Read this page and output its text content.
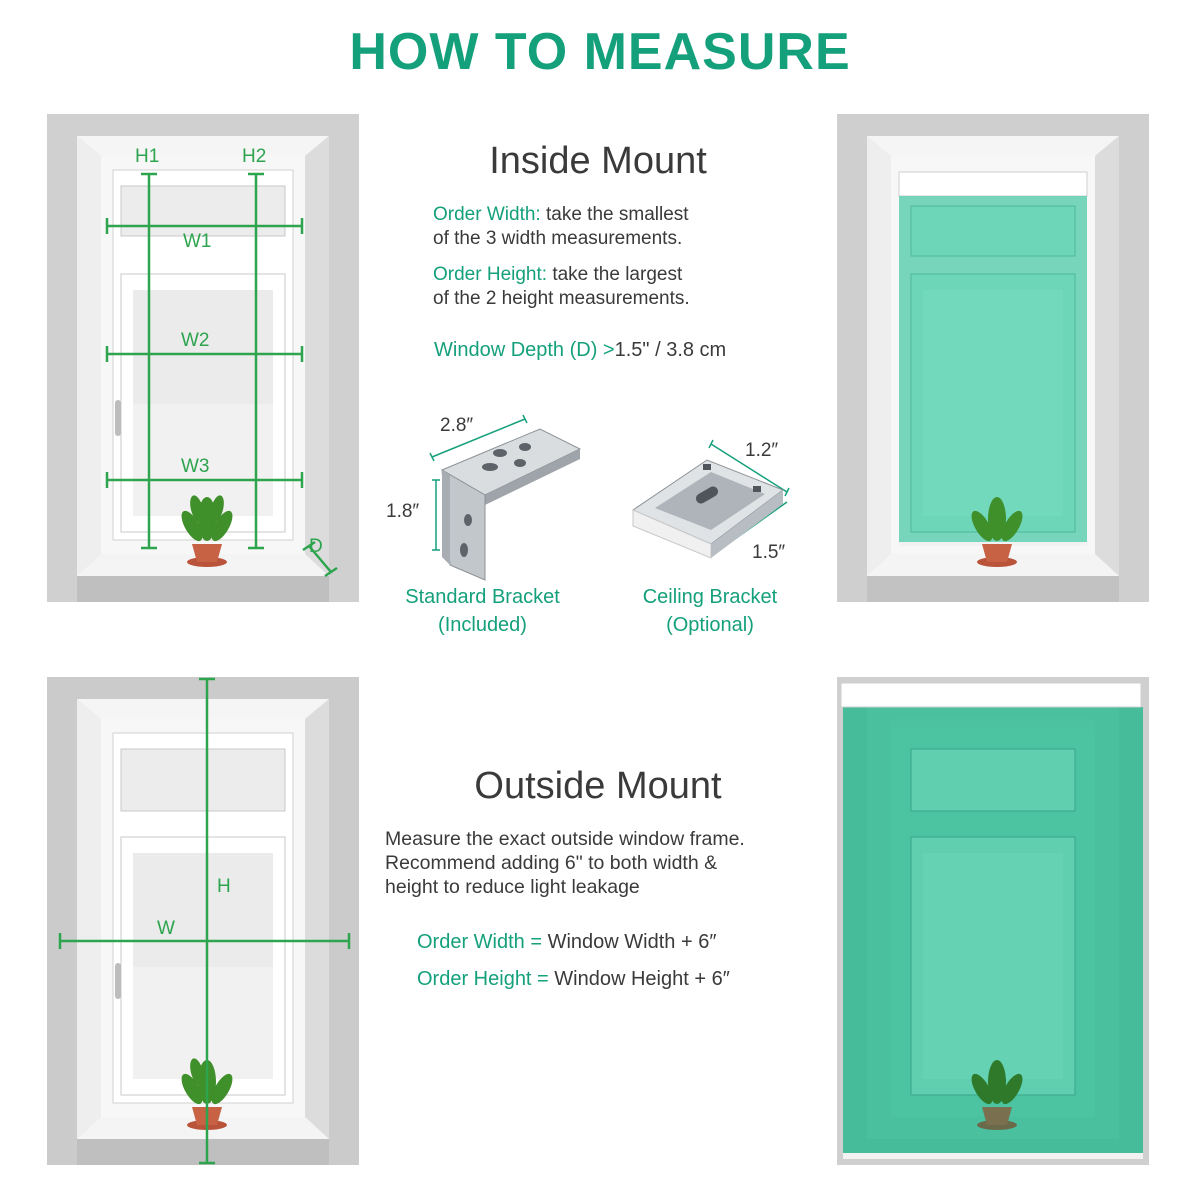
HOW TO MEASURE
H1	H2
W1
W2
W3
D
Inside Mount
Order Width: take the smallest
of the 3 width measurements.
Order Height: take the largest
of the 2 height measurements.
Window Depth (D) >1.5" / 3.8 cm
2.8″
1.8″
Standard Bracket
(Included)
1.2″
1.5″
Ceiling Bracket
(Optional)
H
W
Outside Mount
Measure the exact outside window frame.
Recommend adding 6" to both width &
height to reduce light leakage
Order Width = Window Width + 6″
Order Height = Window Height + 6″
